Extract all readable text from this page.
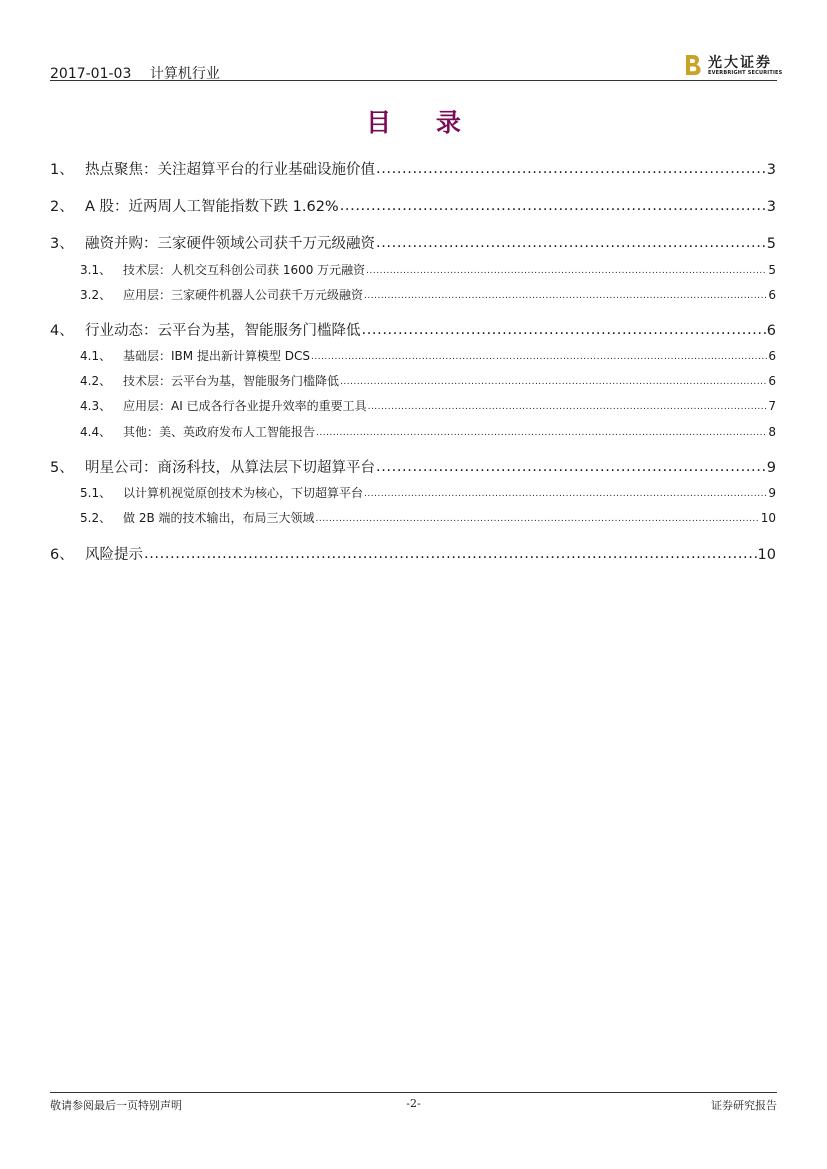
2017-01-03 计算机行业
光大证券
EVERBRIGHT SECURITIES
目 录
1、 热点聚焦：关注超算平台的行业基础设施价值 .....	3
2、 A 股：近两周人工智能指数下跌 1.62% .....	3
3、 融资并购：三家硬件领域公司获千万元级融资 .....	5
3.1、 技术层：人机交互科创公司获 1600 万元融资 .....	5
3.2、 应用层：三家硬件机器人公司获千万元级融资 .....	6
4、 行业动态：云平台为基，智能服务门槛降低 .....	6
4.1、 基础层：IBM 提出新计算模型 DCS .....	6
4.2、 技术层：云平台为基，智能服务门槛降低 .....	6
4.3、 应用层：AI 已成各行各业提升效率的重要工具 .....	7
4.4、 其他：美、英政府发布人工智能报告 .....	8
5、 明星公司：商汤科技，从算法层下切超算平台 .....	9
5.1、 以计算机视觉原创技术为核心，下切超算平台 .....	9
5.2、 做 2B 端的技术输出，布局三大领域 .....	10
6、 风险提示 .....	10
敬请参阅最后一页特别声明	-2-	证券研究报告
